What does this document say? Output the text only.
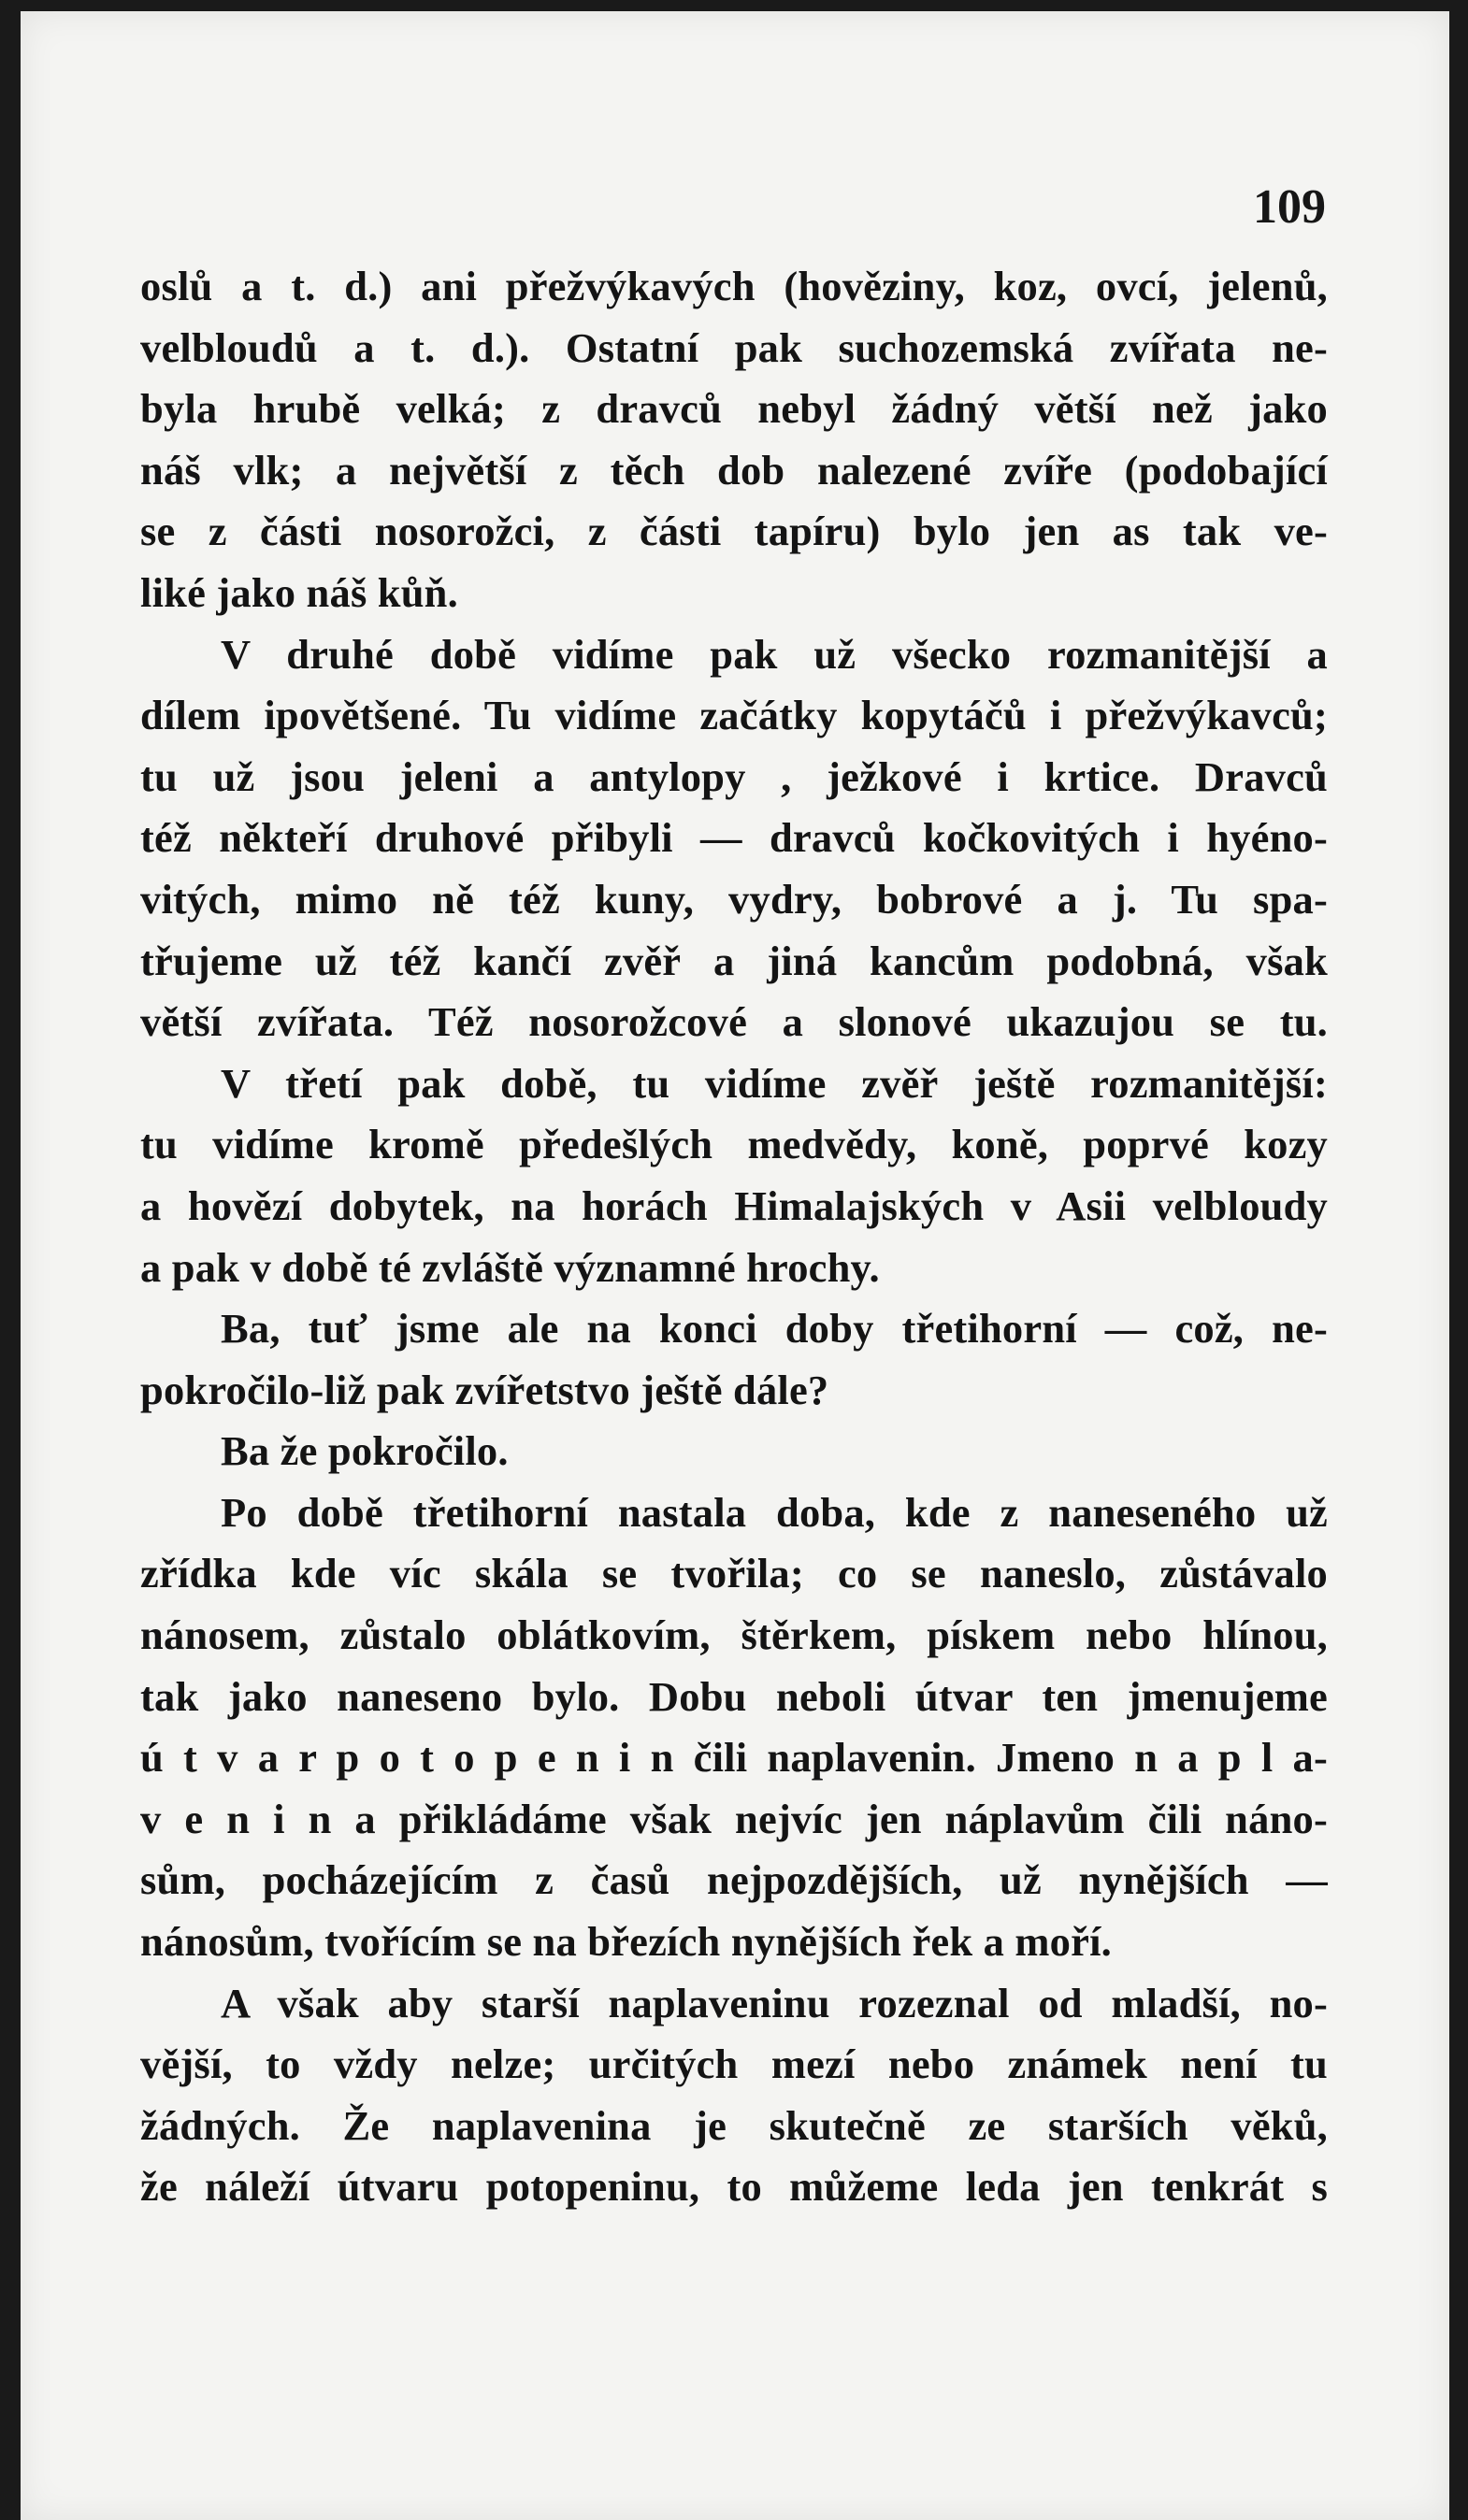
109
oslů a t. d.) ani přežvýkavých (hověziny, koz, ovcí, jelenů,
velbloudů a t. d.). Ostatní pak suchozemská zvířata ne-
byla hrubě velká; z dravců nebyl žádný větší než jako
náš vlk; a největší z těch dob nalezené zvíře (podobající
se z části nosorožci, z části tapíru) bylo jen as tak ve-
liké jako náš kůň.
V druhé době vidíme pak už všecko rozmanitější a
dílem ipovětšené. Tu vidíme začátky kopytáčů i přežvýkavců;
tu už jsou jeleni a antylopy , ježkové i krtice. Dravců
též někteří druhové přibyli — dravců kočkovitých i hyéno-
vitých, mimo ně též kuny, vydry, bobrové a j. Tu spa-
třujeme už též kančí zvěř a jiná kancům podobná, však
větší zvířata. Též nosorožcové a slonové ukazujou se tu.
V třetí pak době, tu vidíme zvěř ještě rozmanitější:
tu vidíme kromě předešlých medvědy, koně, poprvé kozy
a hovězí dobytek, na horách Himalajských v Asii velbloudy
a pak v době té zvláště významné hrochy.
Ba, tuť jsme ale na konci doby třetihorní — což, ne-
pokročilo-liž pak zvířetstvo ještě dále?
Ba že pokročilo.
Po době třetihorní nastala doba, kde z naneseného už
zřídka kde víc skála se tvořila; co se naneslo, zůstávalo
nánosem, zůstalo oblátkovím, štěrkem, pískem nebo hlínou,
tak jako naneseno bylo. Dobu neboli útvar ten jmenujeme
ú t v a r p o t o p e n i n čili naplavenin. Jmeno n a p l a-
v e n i n a přikládáme však nejvíc jen náplavům čili náno-
sům, pocházejícím z časů nejpozdějších, už nynějších —
nánosům, tvořícím se na březích nynějších řek a moří.
A však aby starší naplaveninu rozeznal od mladší, no-
vější, to vždy nelze; určitých mezí nebo známek není tu
žádných. Že naplavenina je skutečně ze starších věků,
že náleží útvaru potopeninu, to můžeme leda jen tenkrát s
